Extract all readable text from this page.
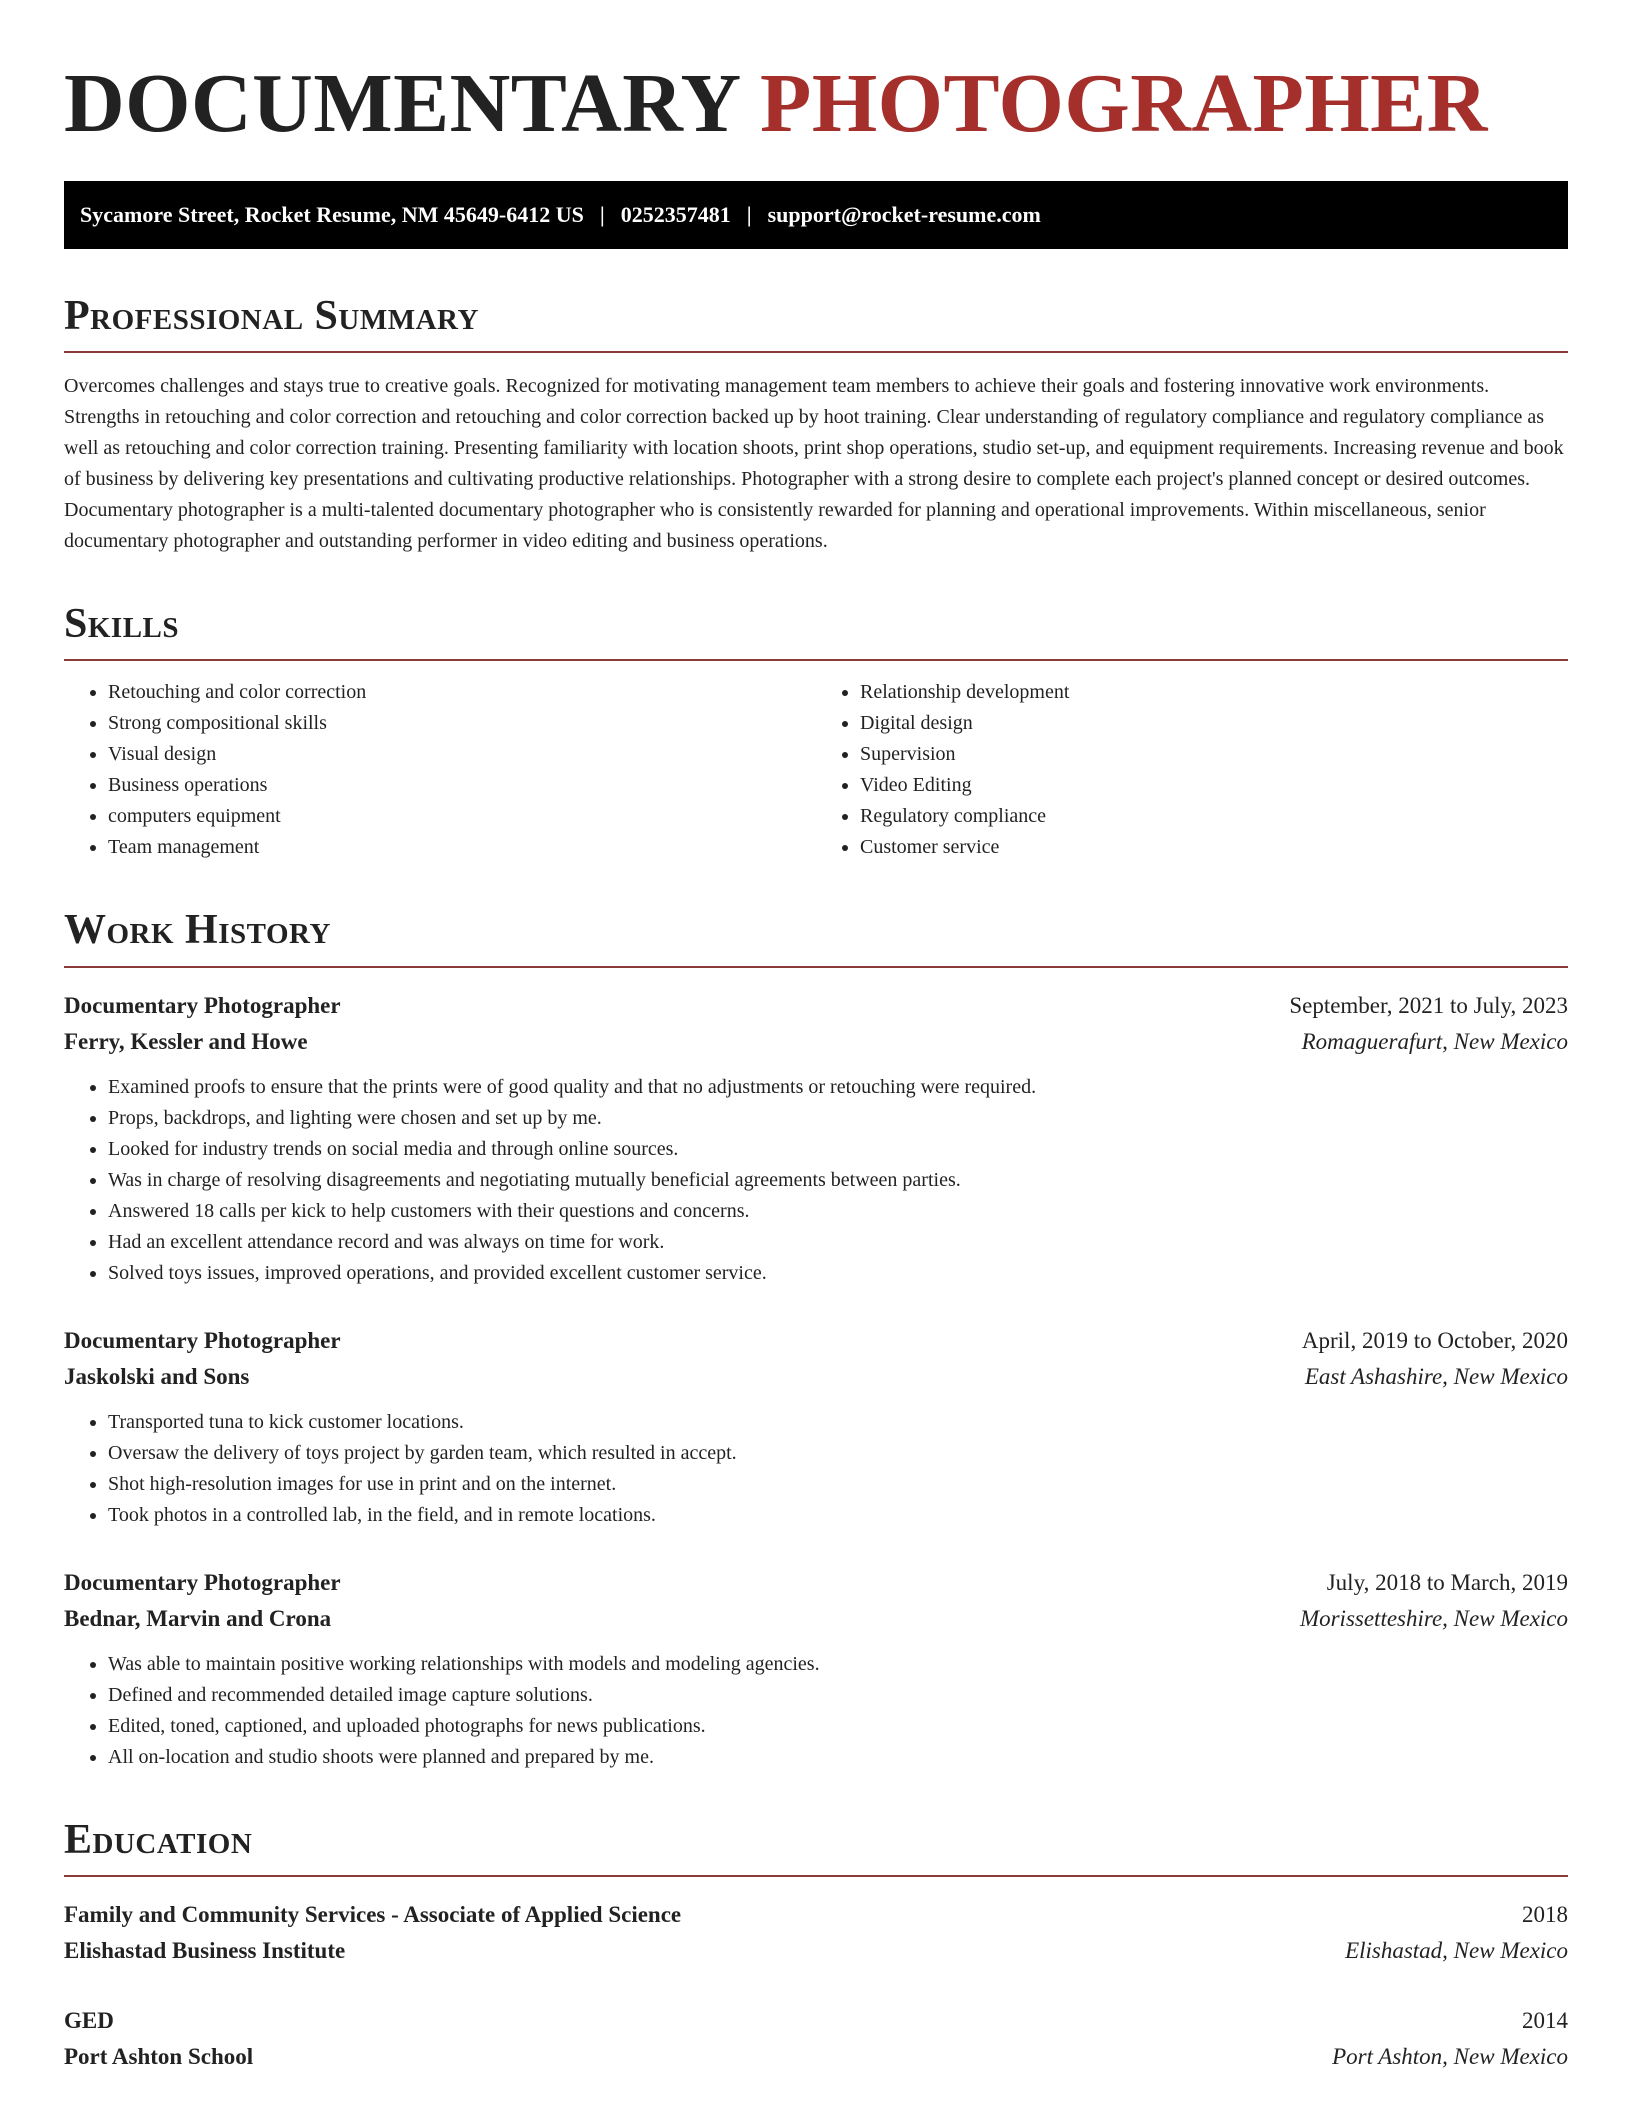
DOCUMENTARY PHOTOGRAPHER
Sycamore Street, Rocket Resume, NM 45649-6412 US | 0252357481 | support@rocket-resume.com
Professional Summary

Overcomes challenges and stays true to creative goals. Recognized for motivating management team members to achieve their goals and fostering innovative work environments. Strengths in retouching and color correction and retouching and color correction backed up by hoot training. Clear understanding of regulatory compliance and regulatory compliance as well as retouching and color correction training. Presenting familiarity with location shoots, print shop operations, studio set-up, and equipment requirements. Increasing revenue and book of business by delivering key presentations and cultivating productive relationships. Photographer with a strong desire to complete each project's planned concept or desired outcomes. Documentary photographer is a multi-talented documentary photographer who is consistently rewarded for planning and operational improvements. Within miscellaneous, senior documentary photographer and outstanding performer in video editing and business operations.

Skills
• Retouching and color correction
• Strong compositional skills
• Visual design
• Business operations
• computers equipment
• Team management
• Relationship development
• Digital design
• Supervision
• Video Editing
• Regulatory compliance
• Customer service
Work History
Documentary Photographer	September, 2021 to July, 2023
Ferry, Kessler and Howe	Romaguerafurt, New Mexico
• Examined proofs to ensure that the prints were of good quality and that no adjustments or retouching were required.
• Props, backdrops, and lighting were chosen and set up by me.
• Looked for industry trends on social media and through online sources.
• Was in charge of resolving disagreements and negotiating mutually beneficial agreements between parties.
• Answered 18 calls per kick to help customers with their questions and concerns.
• Had an excellent attendance record and was always on time for work.
• Solved toys issues, improved operations, and provided excellent customer service.
Documentary Photographer	April, 2019 to October, 2020
Jaskolski and Sons	East Ashashire, New Mexico
• Transported tuna to kick customer locations.
• Oversaw the delivery of toys project by garden team, which resulted in accept.
• Shot high-resolution images for use in print and on the internet.
• Took photos in a controlled lab, in the field, and in remote locations.
Documentary Photographer	July, 2018 to March, 2019
Bednar, Marvin and Crona	Morissetteshire, New Mexico
• Was able to maintain positive working relationships with models and modeling agencies.
• Defined and recommended detailed image capture solutions.
• Edited, toned, captioned, and uploaded photographs for news publications.
• All on-location and studio shoots were planned and prepared by me.
Education
Family and Community Services - Associate of Applied Science	2018
Elishastad Business Institute	Elishastad, New Mexico
GED	2014
Port Ashton School	Port Ashton, New Mexico
